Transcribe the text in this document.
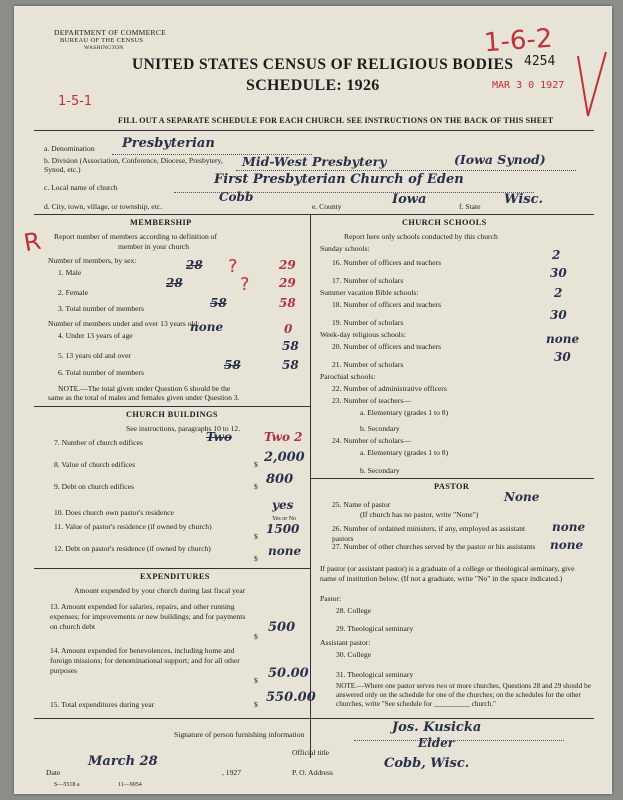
DEPARTMENT OF COMMERCE
BUREAU OF THE CENSUS
WASHINGTON	1-6-2
4254
MAR 3 0 1927
UNITED STATES CENSUS OF RELIGIOUS BODIES
SCHEDULE: 1926
1-5-1
FILL OUT A SEPARATE SCHEDULE FOR EACH CHURCH. SEE INSTRUCTIONS ON THE BACK OF THIS SHEET
a. Denomination Presbyterian
b. Division (Association, Conference, Diocese, Presbytery, Synod, etc.)
Mid-West Presbytery	(Iowa Synod)
c. Local name of church
First Presbyterian Church of Eden
d. City, town, village, or township, etc.
Cobb
e. County	Iowa	f. State Wisc.
MEMBERSHIP
Report number of members according to definition of
member in your church
Number of members, by sex:
1. Male
28 ?	29
2. Female
28	? 29
3. Total number of members	58	58
Number of members under and over 13 years old:
4. Under 13 years of age
none	0
5. 13 years old and over
58
6. Total number of members
58	58
NOTE.—The total given under Question 6 should be the
same as the total of males and females given under Question 3.
CHURCH BUILDINGS
See instructions, paragraphs 10 to 12.
7. Number of church edifices	Two	Two 2
8. Value of church edifices	$ 2,000
9. Debt on church edifices	$ 800
10. Does church own pastor's residence
yes
Yes or No
11. Value of pastor's residence (if owned by church)
$
1500
12. Debt on pastor's residence (if owned by church)
$
none
EXPENDITURES
Amount expended by your church during last fiscal year
13. Amount expended for salaries, repairs, and other running expenses; for improvements or new buildings; and for payments on church debt
$
500
14. Amount expended for benevolences, including home and foreign missions; for denominational support; and for all other purposes
$ 50.00
15. Total expenditures during year	$ 550.00
CHURCH SCHOOLS
Report here only schools conducted by this church
Sunday schools:
16. Number of officers and teachers
2
17. Number of scholars
30
Summer vacation Bible schools:
18. Number of officers and teachers
2
19. Number of scholars
30
Week-day religious schools:
20. Number of officers and teachers
none
21. Number of scholars
30
Parochial schools:
22. Number of administrative officers
23. Number of teachers—
a. Elementary (grades 1 to 8)
b. Secondary
24. Number of scholars—
a. Elementary (grades 1 to 8)
b. Secondary
PASTOR
25. Name of pastor
None
(If church has no pastor, write "None")
26. Number of ordained ministers, if any, employed as assistant pastors
none
27. Number of other churches served by the pastor or his assistants none
If pastor (or assistant pastor) is a graduate of a college or theological seminary, give name of institution below. (If not a graduate, write "No" in the space indicated.)
Pastor:
28. College
29. Theological seminary
Assistant pastor:
30. College
31. Theological seminary
NOTE.—Where one pastor serves two or more churches, Questions 28 and 29 should be answered only on the schedule for one of the churches; on the schedules for the other churches, write "See schedule for __________ church."
Signature of person furnishing information	Jos. Kusicka
Official title
Elder
Date
March 28
, 1927	P. O. Address
Cobb, Wisc.
S—5518 a	11—9054
R
